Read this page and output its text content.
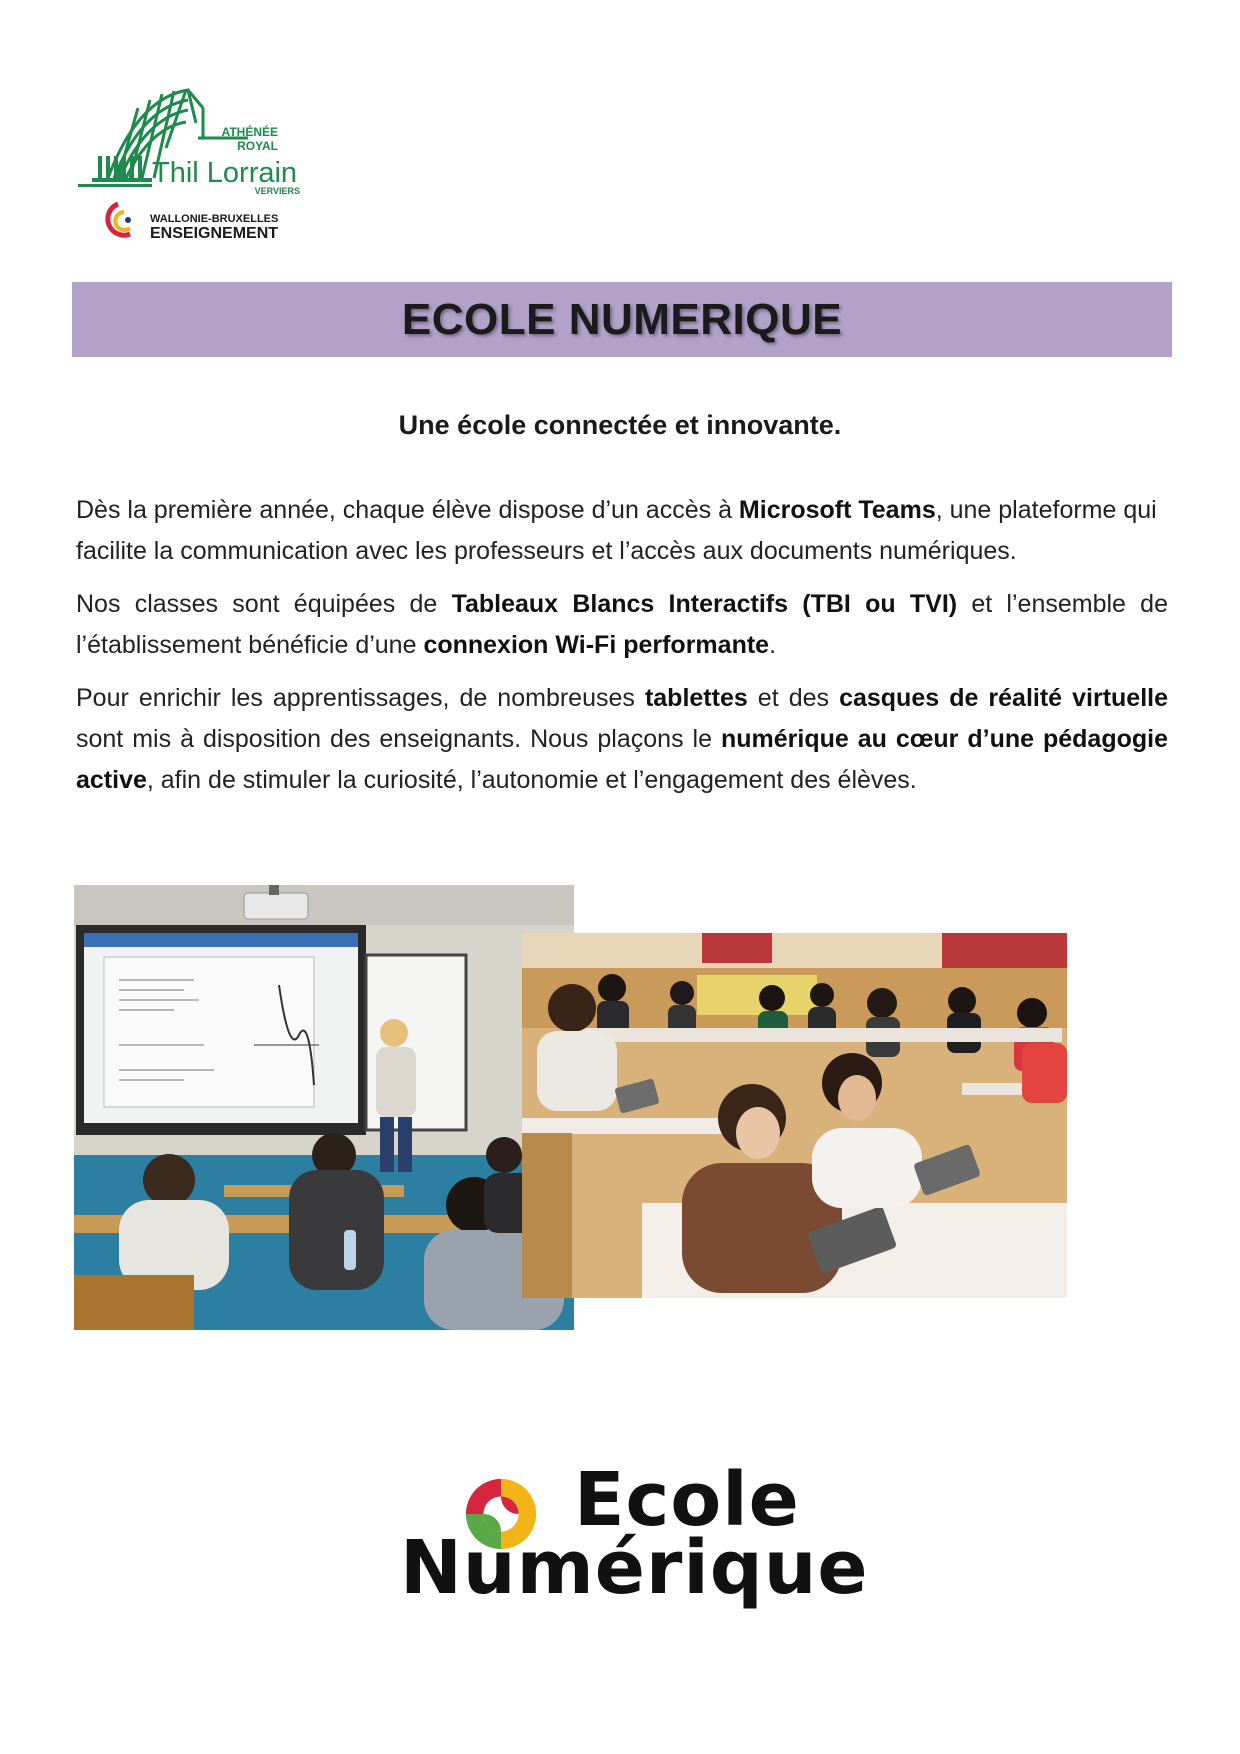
ATHÉNÉE
ROYAL
Thil Lorrain
VERVIERS
WALLONIE-BRUXELLES
ENSEIGNEMENT
ECOLE NUMERIQUE
Une école connectée et innovante.

Dès la première année, chaque élève dispose d’un accès à Microsoft Teams, une plateforme qui facilite la communication avec les professeurs et l’accès aux documents numériques.

Nos classes sont équipées de Tableaux Blancs Interactifs (TBI ou TVI) et l’ensemble de l’établissement bénéficie d’une connexion Wi-Fi performante.

Pour enrichir les apprentissages, de nombreuses tablettes et des casques de réalité virtuelle sont mis à disposition des enseignants. Nous plaçons le numérique au cœur d’une pédagogie active, afin de stimuler la curiosité, l’autonomie et l’engagement des élèves.

Ecole
Numérique
